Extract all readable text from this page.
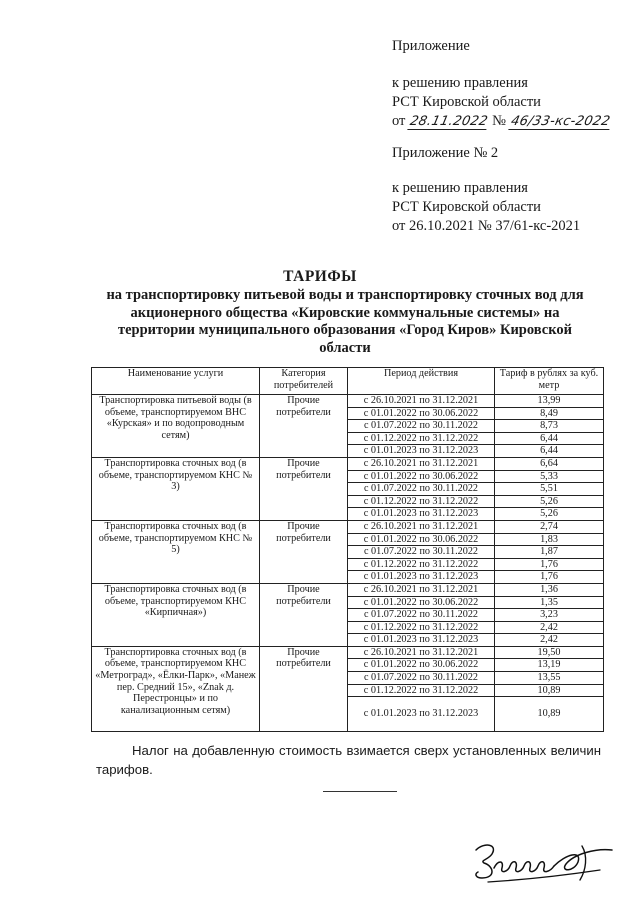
Приложение
к решению правления
РСТ Кировской области
от 28.11.2022 № 46/33-кс-2022
Приложение № 2
к решению правления
РСТ Кировской области
от 26.10.2021 № 37/61-кс-2021
ТАРИФЫ
на транспортировку питьевой воды и транспортировку сточных вод для
акционерного общества «Кировские коммунальные системы» на
территории муниципального образования «Город Киров» Кировской
области
Наименование услуги	Категория потребителей	Период действия	Тариф в рублях за куб. метр
Транспортировка питьевой воды (в объеме, транспортируемом ВНС «Курская» и по водопроводным сетям)	Прочие потребители	с 26.10.2021 по 31.12.2021	13,99
		с 01.01.2022 по 30.06.2022	8,49
		с 01.07.2022 по 30.11.2022	8,73
		с 01.12.2022 по 31.12.2022	6,44
		с 01.01.2023 по 31.12.2023	6,44
Транспортировка сточных вод (в объеме, транспортируемом КНС № 3)	Прочие потребители	с 26.10.2021 по 31.12.2021	6,64
		с 01.01.2022 по 30.06.2022	5,33
		с 01.07.2022 по 30.11.2022	5,51
		с 01.12.2022 по 31.12.2022	5,26
		с 01.01.2023 по 31.12.2023	5,26
Транспортировка сточных вод (в объеме, транспортируемом КНС № 5)	Прочие потребители	с 26.10.2021 по 31.12.2021	2,74
		с 01.01.2022 по 30.06.2022	1,83
		с 01.07.2022 по 30.11.2022	1,87
		с 01.12.2022 по 31.12.2022	1,76
		с 01.01.2023 по 31.12.2023	1,76
Транспортировка сточных вод (в объеме, транспортируемом КНС «Кирпичная»)	Прочие потребители	с 26.10.2021 по 31.12.2021	1,36
		с 01.01.2022 по 30.06.2022	1,35
		с 01.07.2022 по 30.11.2022	3,23
		с 01.12.2022 по 31.12.2022	2,42
		с 01.01.2023 по 31.12.2023	2,42
Транспортировка сточных вод (в объеме, транспортируемом КНС «Метроград», «Ёлки-Парк», «Манеж пер. Средний 15», «Znak д. Перестронцы» и по канализационным сетям)	Прочие потребители	с 26.10.2021 по 31.12.2021	19,50
		с 01.01.2022 по 30.06.2022	13,19
		с 01.07.2022 по 30.11.2022	13,55
		с 01.12.2022 по 31.12.2022	10,89
		с 01.01.2023 по 31.12.2023	10,89
Налог на добавленную стоимость взимается сверх установленных величин тарифов.
